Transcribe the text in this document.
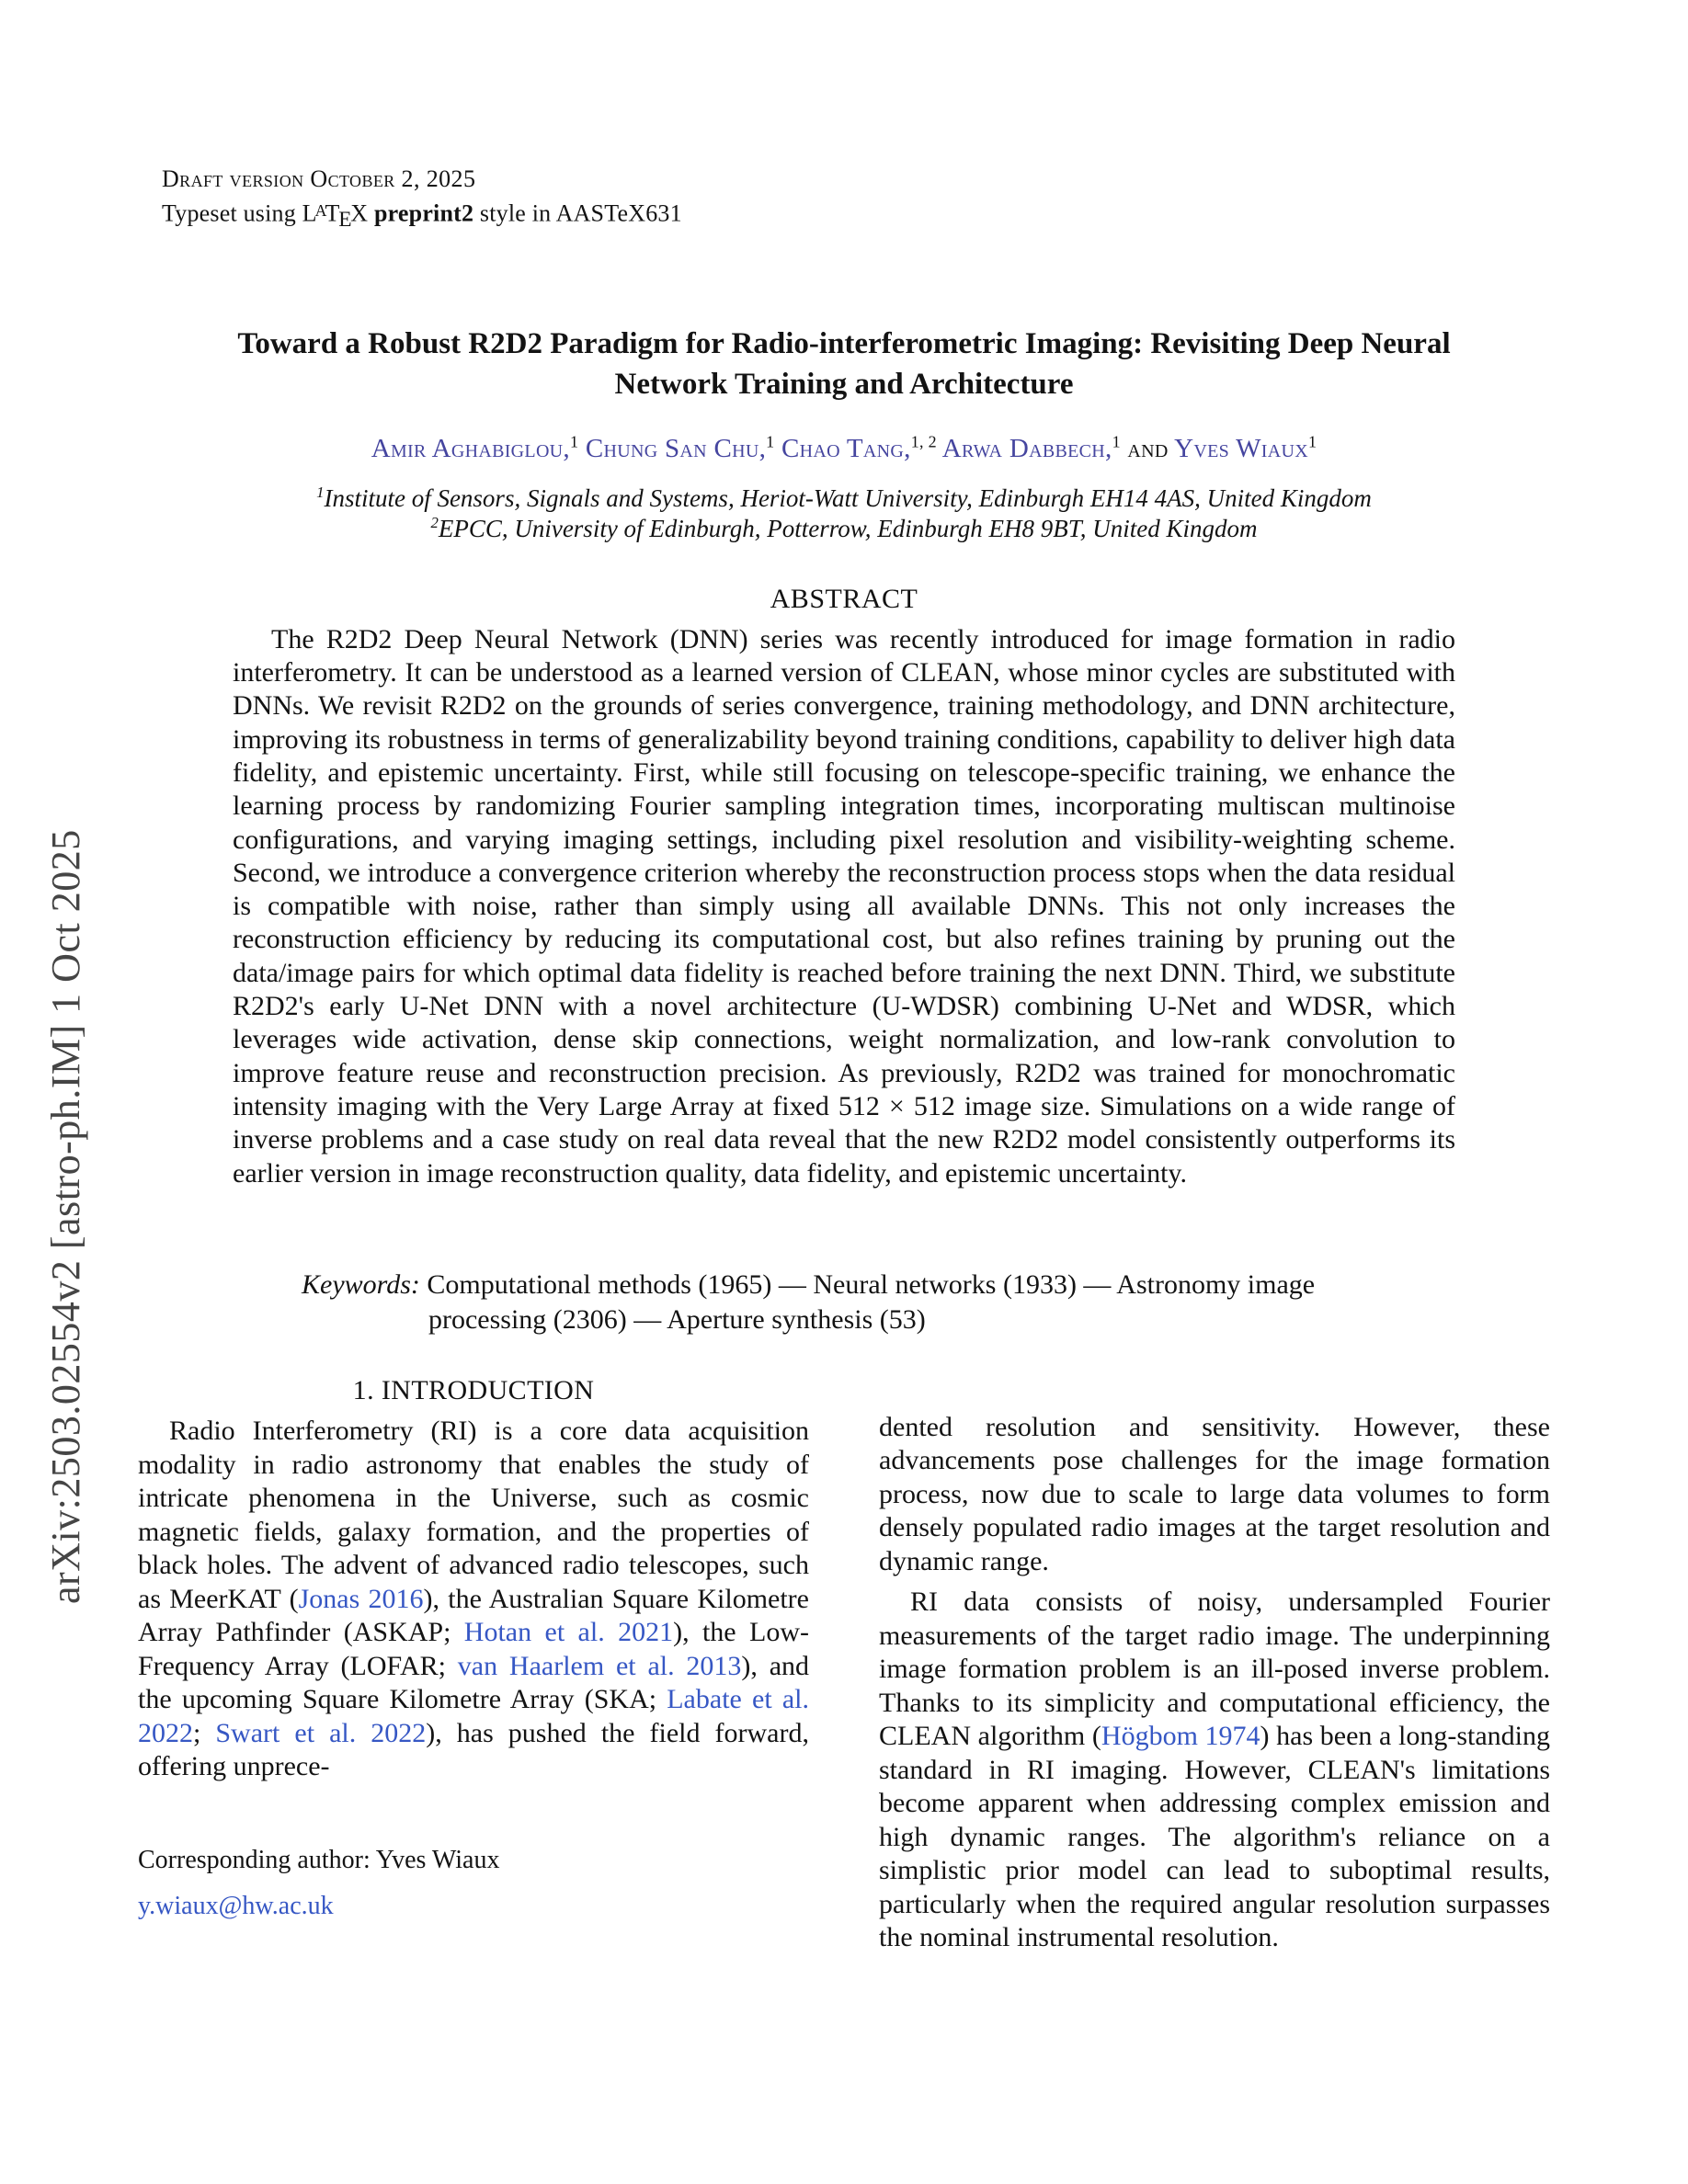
arXiv:2503.02554v2 [astro-ph.IM] 1 Oct 2025
Draft version October 2, 2025
Typeset using $L^ATEX$ preprint2 style in AASTeX631
Toward a Robust R2D2 Paradigm for Radio-interferometric Imaging: Revisiting Deep Neural Network Training and Architecture
Amir Aghabiglou,$^1$ Chung San Chu,$^1$ Chao Tang,$^{1, 2}$ Arwa Dabbech,$^1$ and Yves Wiaux$^1$
$^1$Institute of Sensors, Signals and Systems, Heriot-Watt University, Edinburgh EH14 4AS, United Kingdom
$^2$EPCC, University of Edinburgh, Potterrow, Edinburgh EH8 9BT, United Kingdom
ABSTRACT

The R2D2 Deep Neural Network (DNN) series was recently introduced for image formation in radio interferometry. It can be understood as a learned version of CLEAN, whose minor cycles are substituted with DNNs. We revisit R2D2 on the grounds of series convergence, training methodology, and DNN architecture, improving its robustness in terms of generalizability beyond training conditions, capability to deliver high data fidelity, and epistemic uncertainty. First, while still focusing on telescope-specific training, we enhance the learning process by randomizing Fourier sampling integration times, incorporating multiscan multinoise configurations, and varying imaging settings, including pixel resolution and visibility-weighting scheme. Second, we introduce a convergence criterion whereby the reconstruction process stops when the data residual is compatible with noise, rather than simply using all available DNNs. This not only increases the reconstruction efficiency by reducing its computational cost, but also refines training by pruning out the data/image pairs for which optimal data fidelity is reached before training the next DNN. Third, we substitute R2D2's early U-Net DNN with a novel architecture (U-WDSR) combining U-Net and WDSR, which leverages wide activation, dense skip connections, weight normalization, and low-rank convolution to improve feature reuse and reconstruction precision. As previously, R2D2 was trained for monochromatic intensity imaging with the Very Large Array at fixed 512 × 512 image size. Simulations on a wide range of inverse problems and a case study on real data reveal that the new R2D2 model consistently outperforms its earlier version in image reconstruction quality, data fidelity, and epistemic uncertainty.

Keywords: Computational methods (1965) — Neural networks (1933) — Astronomy image processing (2306) — Aperture synthesis (53)
1. INTRODUCTION

Radio Interferometry (RI) is a core data acquisition modality in radio astronomy that enables the study of intricate phenomena in the Universe, such as cosmic magnetic fields, galaxy formation, and the properties of black holes. The advent of advanced radio telescopes, such as MeerKAT (Jonas 2016), the Australian Square Kilometre Array Pathfinder (ASKAP; Hotan et al. 2021), the Low-Frequency Array (LOFAR; van Haarlem et al. 2013), and the upcoming Square Kilometre Array (SKA; Labate et al. 2022; Swart et al. 2022), has pushed the field forward, offering unprece-

Corresponding author: Yves Wiaux
y.wiaux@hw.ac.uk

dented resolution and sensitivity. However, these advancements pose challenges for the image formation process, now due to scale to large data volumes to form densely populated radio images at the target resolution and dynamic range.

RI data consists of noisy, undersampled Fourier measurements of the target radio image. The underpinning image formation problem is an ill-posed inverse problem. Thanks to its simplicity and computational efficiency, the CLEAN algorithm (Högbom 1974) has been a long-standing standard in RI imaging. However, CLEAN's limitations become apparent when addressing complex emission and high dynamic ranges. The algorithm's reliance on a simplistic prior model can lead to suboptimal results, particularly when the required angular resolution surpasses the nominal instrumental resolution.
